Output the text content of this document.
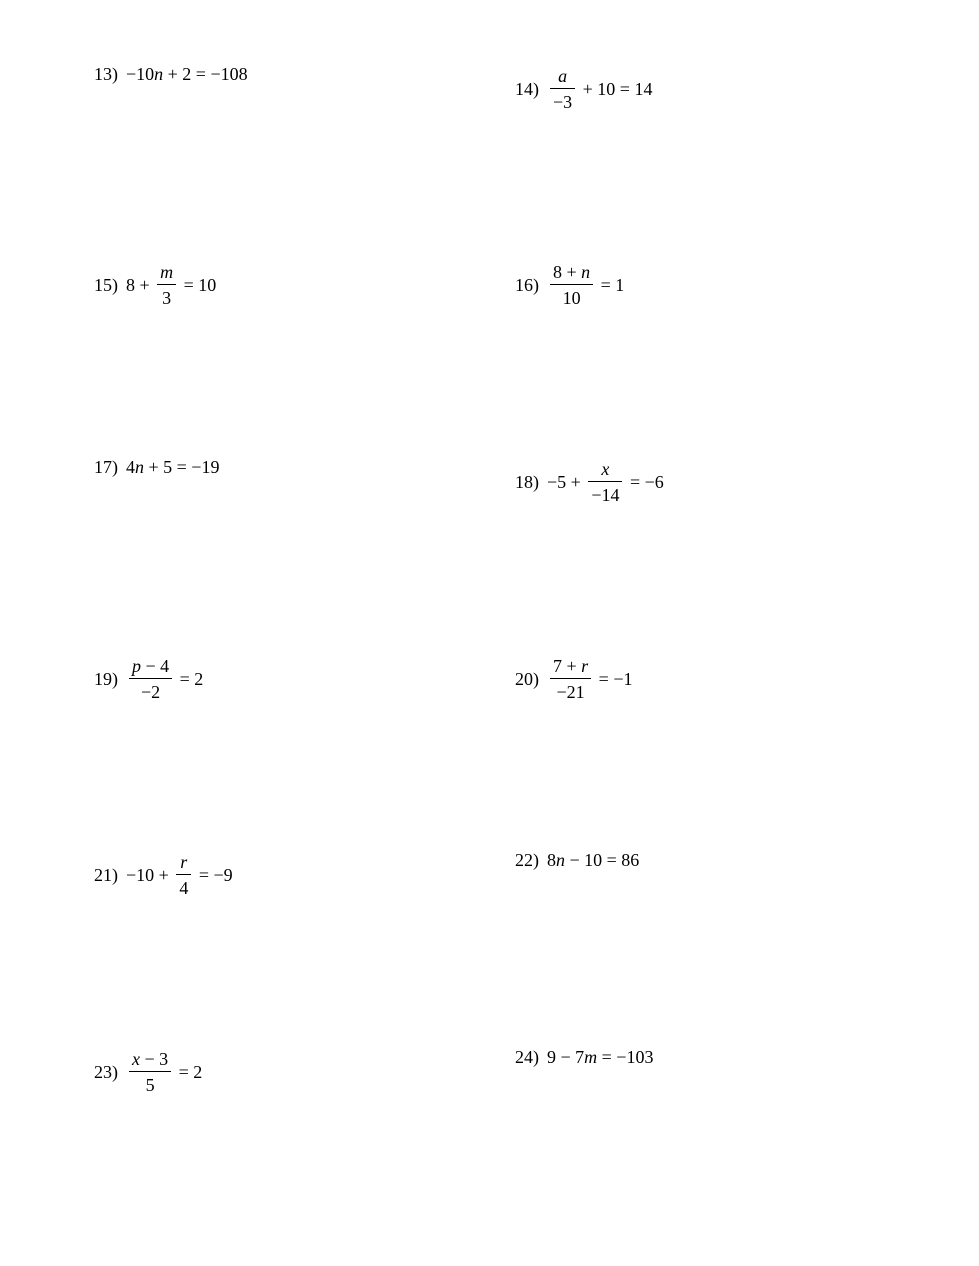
13) −10 n + 2 = −108
$14) \frac{a}{-3} + 10 = 14$
15) $8 + \frac{m}{3} = 10$	$16) \frac{8 + n}{10} = 1$
17) 4 n + 5 = −19
$18) -5 + \frac{x}{-14} = -6$
$19) \frac{p - 4}{-2} = 2$	$20) \frac{7 + r}{-21} = -1$
$21) -10 + \frac{r}{4} = -9$
22) 8 n − 10 = 86
$23) \frac{x - 3}{5} = 2$
24) 9 − 7 m = −103
